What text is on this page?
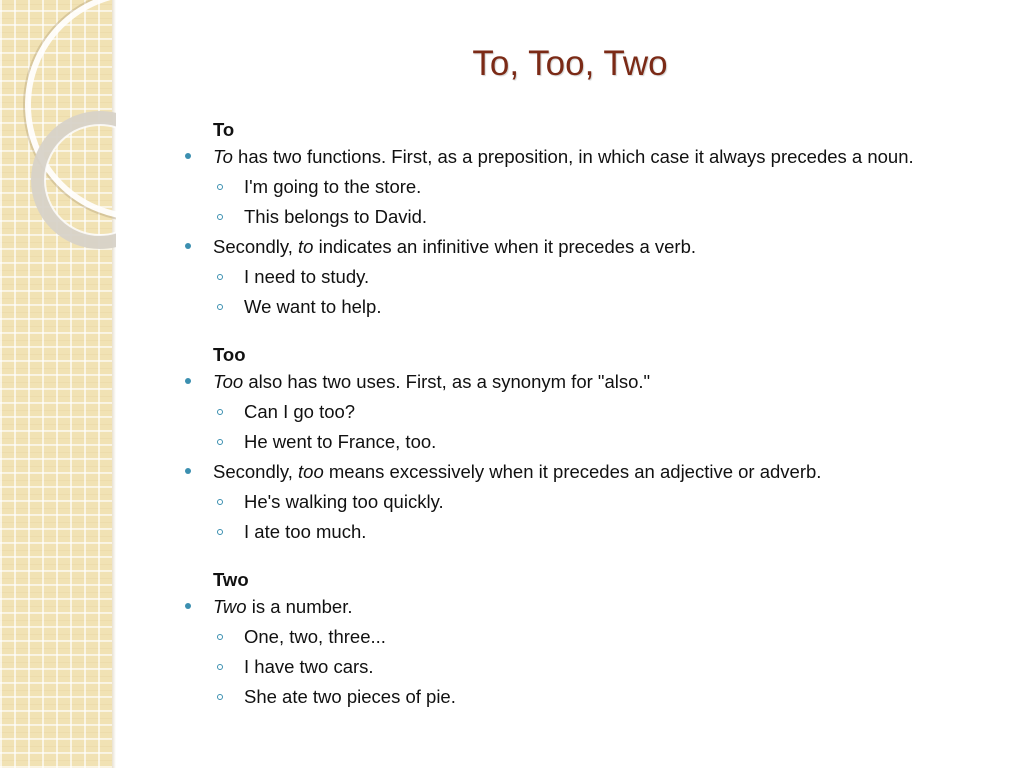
To, Too, Two
To
To has two functions. First, as a preposition, in which case it always precedes a noun.
I'm going to the store.
This belongs to David.
Secondly, to indicates an infinitive when it precedes a verb.
I need to study.
We want to help.
Too
Too also has two uses. First, as a synonym for "also."
Can I go too?
He went to France, too.
Secondly, too means excessively when it precedes an adjective or adverb.
He's walking too quickly.
I ate too much.
Two
Two is a number.
One, two, three...
I have two cars.
She ate two pieces of pie.
